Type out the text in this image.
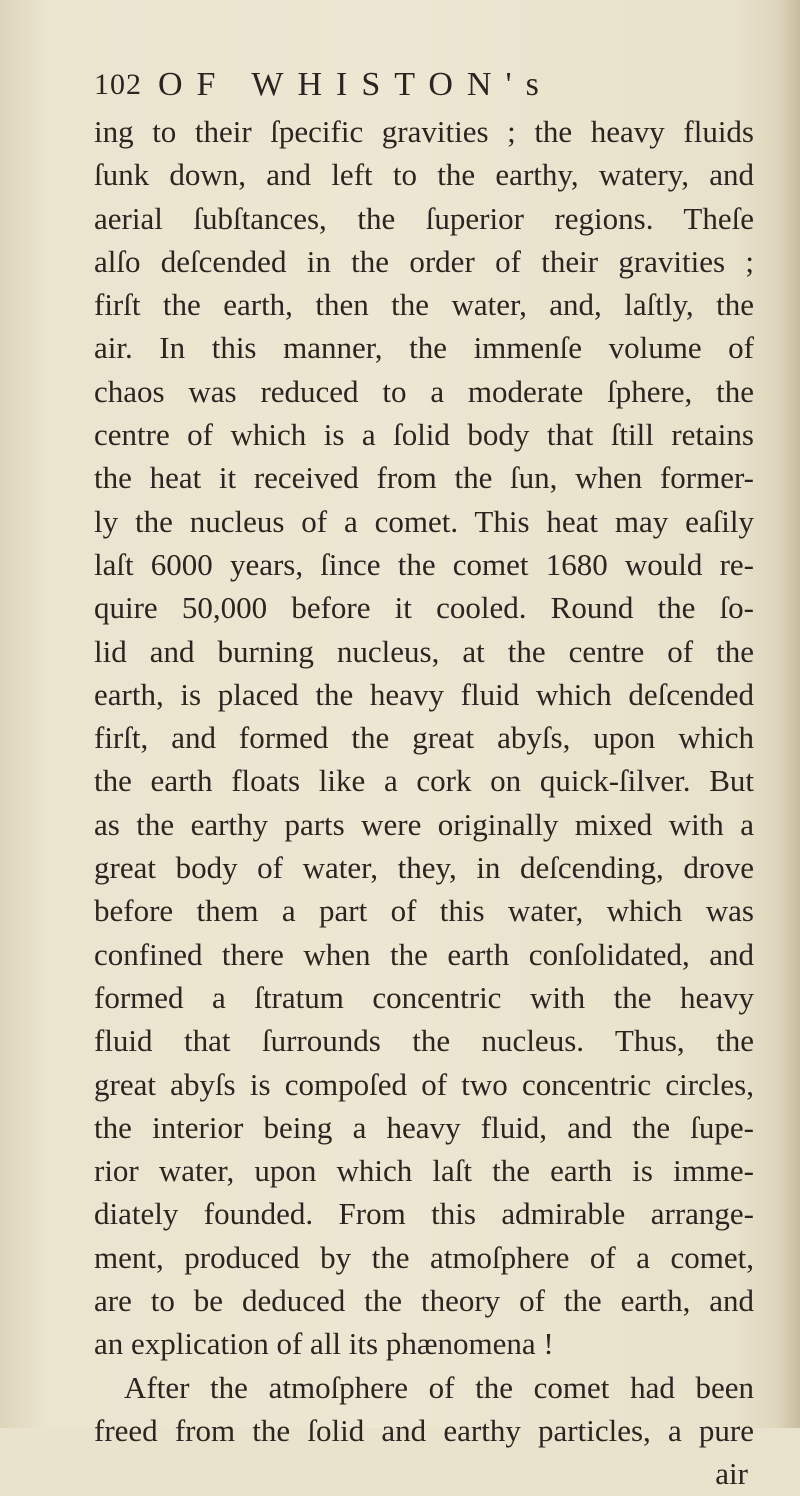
102 OF WHISTON's
ing to their ſpecific gravities ; the heavy fluids
ſunk down, and left to the earthy, watery, and
aerial ſubſtances, the ſuperior regions. Theſe
alſo deſcended in the order of their gravities ;
firſt the earth, then the water, and, laſtly, the
air. In this manner, the immenſe volume of
chaos was reduced to a moderate ſphere, the
centre of which is a ſolid body that ſtill retains
the heat it received from the ſun, when former-
ly the nucleus of a comet. This heat may eaſily
laſt 6000 years, ſince the comet 1680 would re-
quire 50,000 before it cooled. Round the ſo-
lid and burning nucleus, at the centre of the
earth, is placed the heavy fluid which deſcended
firſt, and formed the great abyſs, upon which
the earth floats like a cork on quick-ſilver. But
as the earthy parts were originally mixed with a
great body of water, they, in deſcending, drove
before them a part of this water, which was
confined there when the earth conſolidated, and
formed a ſtratum concentric with the heavy
fluid that ſurrounds the nucleus. Thus, the
great abyſs is compoſed of two concentric circles,
the interior being a heavy fluid, and the ſupe-
rior water, upon which laſt the earth is imme-
diately founded. From this admirable arrange-
ment, produced by the atmoſphere of a comet,
are to be deduced the theory of the earth, and
an explication of all its phænomena !
After the atmoſphere of the comet had been
freed from the ſolid and earthy particles, a pure
air
